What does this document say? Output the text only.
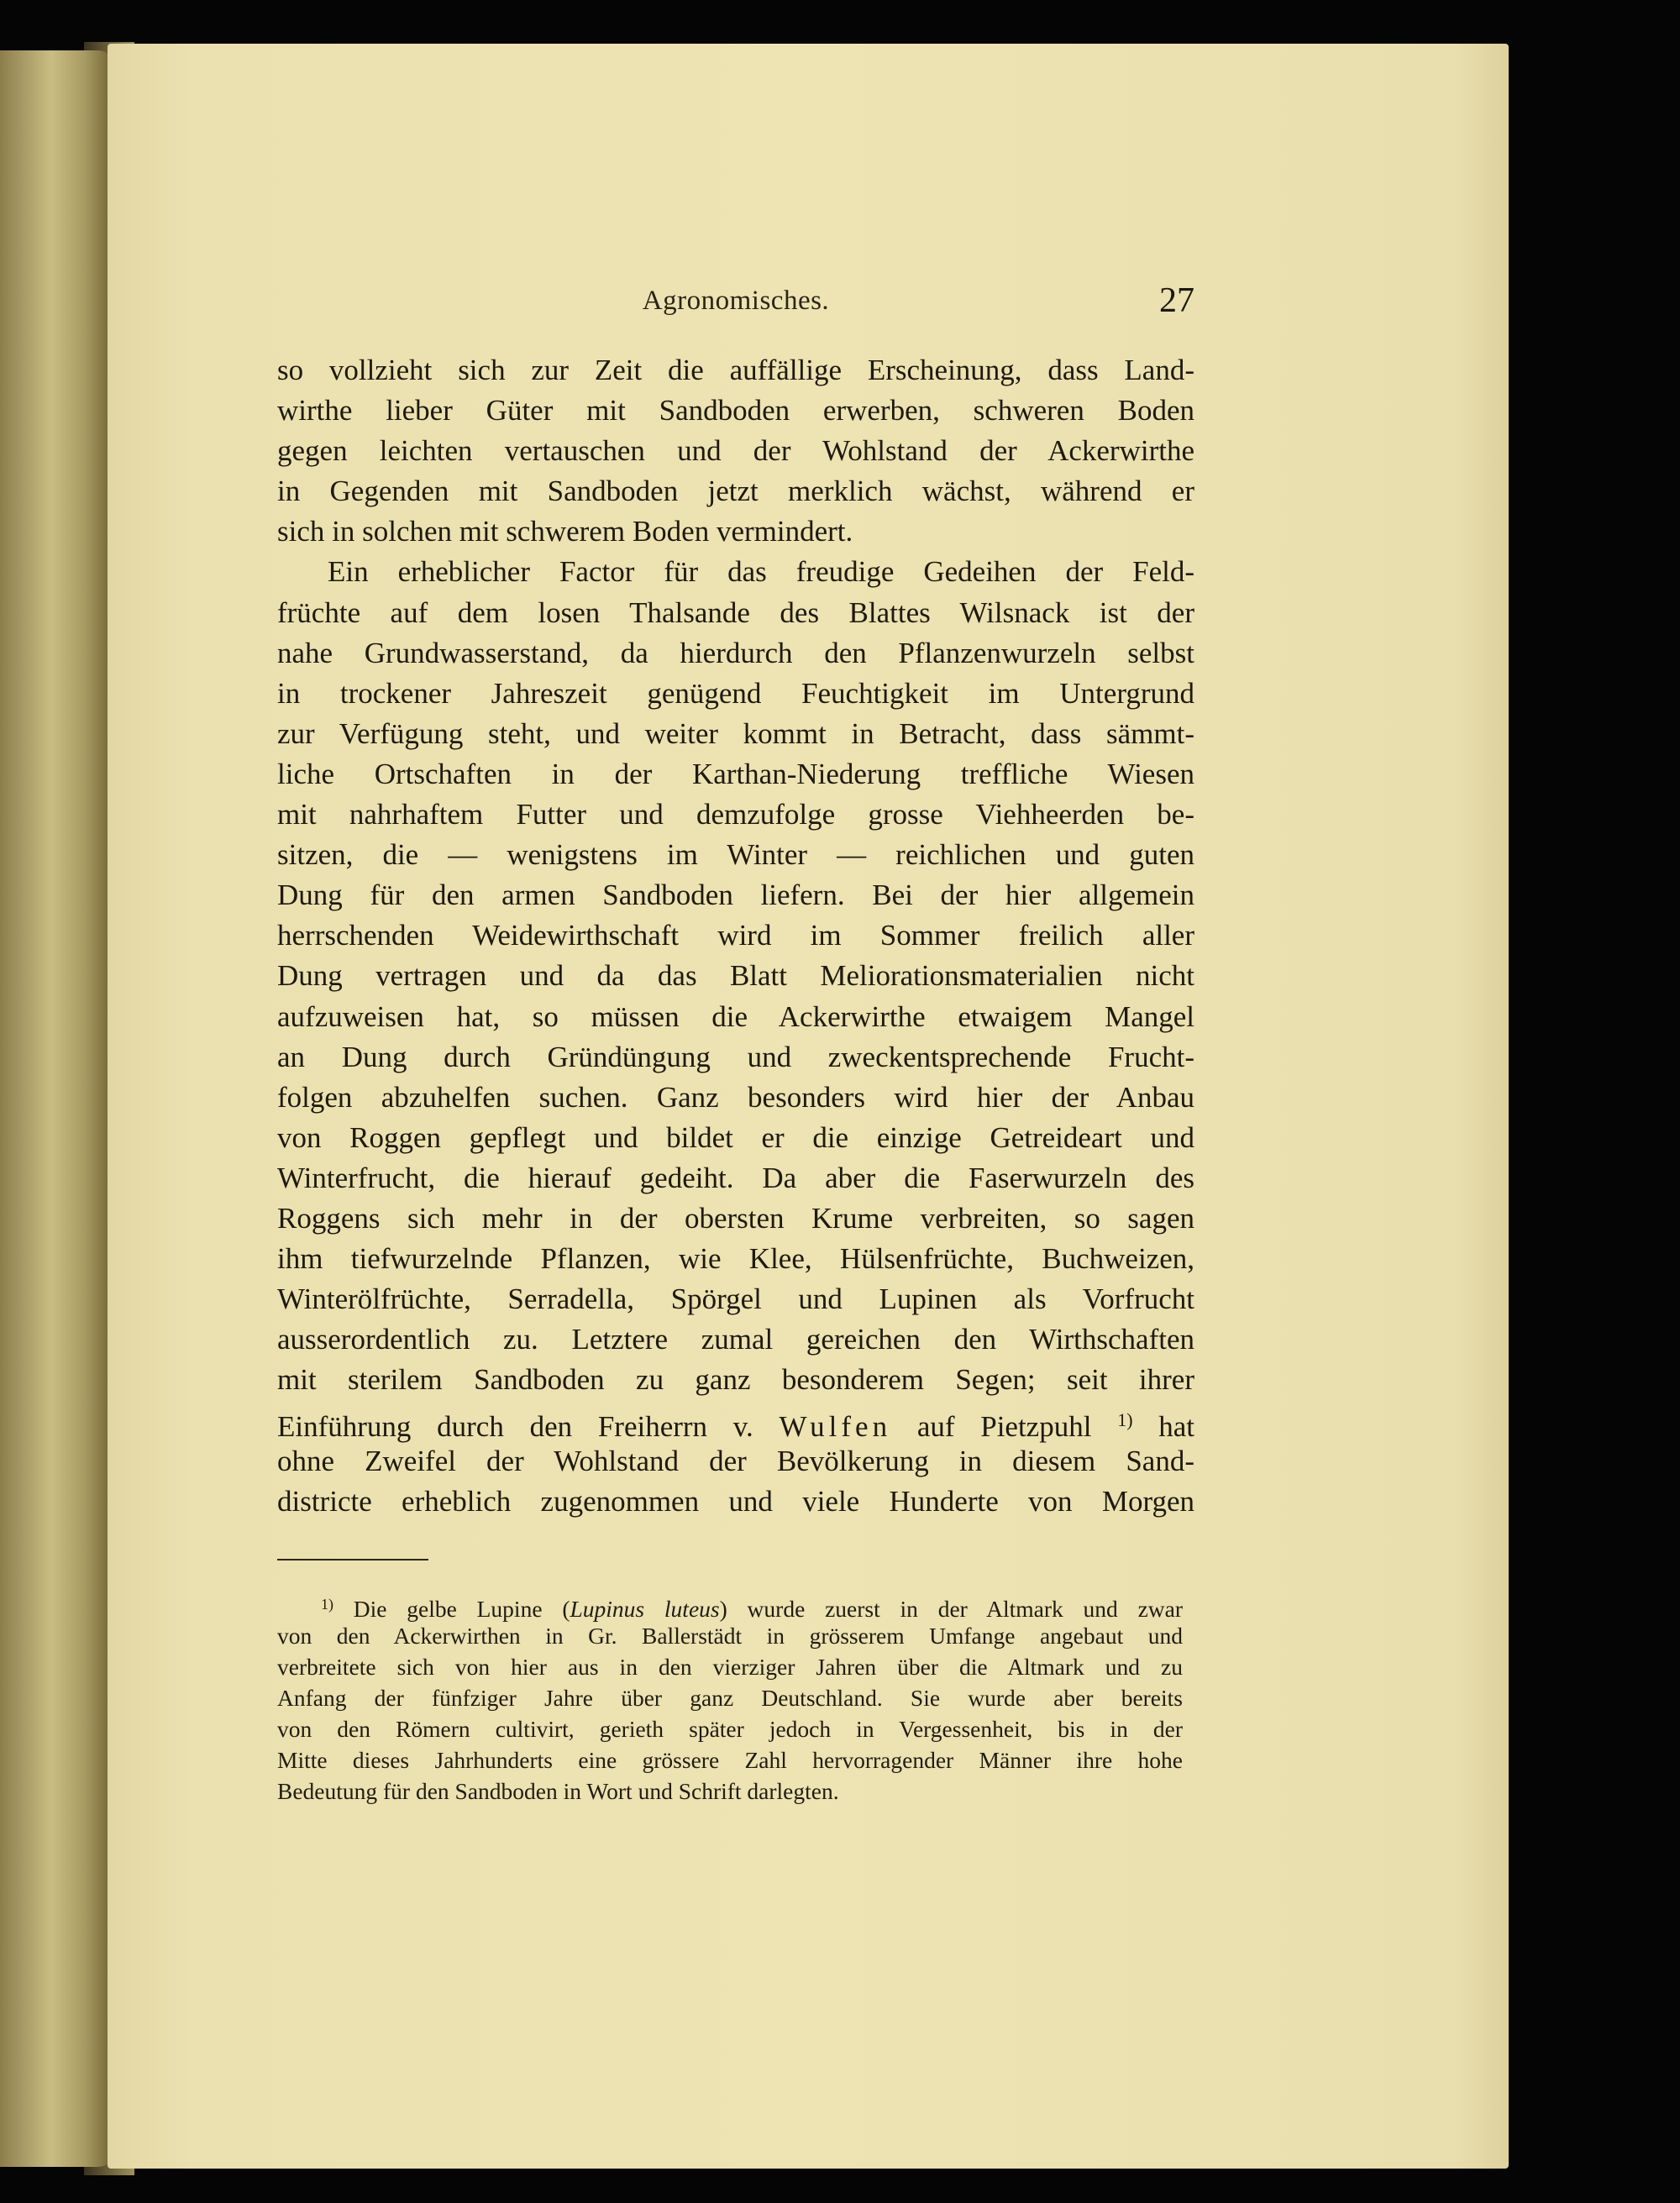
Agronomisches.	27
so vollzieht sich zur Zeit die auffällige Erscheinung, dass Land-
wirthe lieber Güter mit Sandboden erwerben, schweren Boden
gegen leichten vertauschen und der Wohlstand der Ackerwirthe
in Gegenden mit Sandboden jetzt merklich wächst, während er
sich in solchen mit schwerem Boden vermindert.
Ein erheblicher Factor für das freudige Gedeihen der Feld-
früchte auf dem losen Thalsande des Blattes Wilsnack ist der
nahe Grundwasserstand, da hierdurch den Pflanzenwurzeln selbst
in trockener Jahreszeit genügend Feuchtigkeit im Untergrund
zur Verfügung steht, und weiter kommt in Betracht, dass sämmt-
liche Ortschaften in der Karthan-Niederung treffliche Wiesen
mit nahrhaftem Futter und demzufolge grosse Viehheerden be-
sitzen, die — wenigstens im Winter — reichlichen und guten
Dung für den armen Sandboden liefern. Bei der hier allgemein
herrschenden Weidewirthschaft wird im Sommer freilich aller
Dung vertragen und da das Blatt Meliorationsmaterialien nicht
aufzuweisen hat, so müssen die Ackerwirthe etwaigem Mangel
an Dung durch Gründüngung und zweckentsprechende Frucht-
folgen abzuhelfen suchen. Ganz besonders wird hier der Anbau
von Roggen gepflegt und bildet er die einzige Getreideart und
Winterfrucht, die hierauf gedeiht. Da aber die Faserwurzeln des
Roggens sich mehr in der obersten Krume verbreiten, so sagen
ihm tiefwurzelnde Pflanzen, wie Klee, Hülsenfrüchte, Buchweizen,
Winterölfrüchte, Serradella, Spörgel und Lupinen als Vorfrucht
ausserordentlich zu. Letztere zumal gereichen den Wirthschaften
mit sterilem Sandboden zu ganz besonderem Segen; seit ihrer
Einführung durch den Freiherrn v. Wulfen auf Pietzpuhl $^{1)}$ hat
ohne Zweifel der Wohlstand der Bevölkerung in diesem Sand-
districte erheblich zugenommen und viele Hunderte von Morgen
$^{1)}$ Die gelbe Lupine (Lupinus luteus) wurde zuerst in der Altmark und zwar
von den Ackerwirthen in Gr. Ballerstädt in grösserem Umfange angebaut und
verbreitete sich von hier aus in den vierziger Jahren über die Altmark und zu
Anfang der fünfziger Jahre über ganz Deutschland. Sie wurde aber bereits
von den Römern cultivirt, gerieth später jedoch in Vergessenheit, bis in der
Mitte dieses Jahrhunderts eine grössere Zahl hervorragender Männer ihre hohe
Bedeutung für den Sandboden in Wort und Schrift darlegten.
